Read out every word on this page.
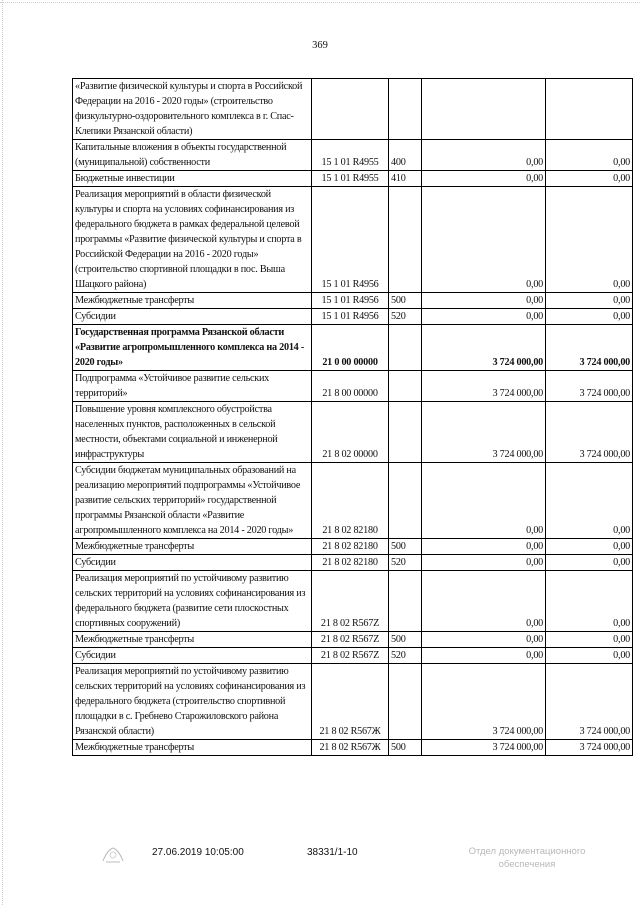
369
«Развитие физической культуры и спорта в Российской Федерации на 2016 - 2020 годы» (строительство физкультурно-оздоровительного комплекса в г. Спас-Клепики Рязанской области)				
Капитальные вложения в объекты государственной (муниципальной) собственности	15 1 01 R4955	400	0,00	0,00
Бюджетные инвестиции	15 1 01 R4955	410	0,00	0,00
Реализация мероприятий в области физической культуры и спорта на условиях софинансирования из федерального бюджета в рамках федеральной целевой программы «Развитие физической культуры и спорта в Российской Федерации на 2016 - 2020 годы» (строительство спортивной площадки в пос. Выша Шацкого района)	15 1 01 R4956		0,00	0,00
Межбюджетные трансферты	15 1 01 R4956	500	0,00	0,00
Субсидии	15 1 01 R4956	520	0,00	0,00
Государственная программа Рязанской области «Развитие агропромышленного комплекса на 2014 - 2020 годы»	21 0 00 00000		3 724 000,00	3 724 000,00
Подпрограмма «Устойчивое развитие сельских территорий»	21 8 00 00000		3 724 000,00	3 724 000,00
Повышение уровня комплексного обустройства населенных пунктов, расположенных в сельской местности, объектами социальной и инженерной инфраструктуры	21 8 02 00000		3 724 000,00	3 724 000,00
Субсидии бюджетам муниципальных образований на реализацию мероприятий подпрограммы «Устойчивое развитие сельских территорий» государственной программы Рязанской области «Развитие агропромышленного комплекса на 2014 - 2020 годы»	21 8 02 82180		0,00	0,00
Межбюджетные трансферты	21 8 02 82180	500	0,00	0,00
Субсидии	21 8 02 82180	520	0,00	0,00
Реализация мероприятий по устойчивому развитию сельских территорий на условиях софинансирования из федерального бюджета (развитие сети плоскостных спортивных сооружений)	21 8 02 R567Z		0,00	0,00
Межбюджетные трансферты	21 8 02 R567Z	500	0,00	0,00
Субсидии	21 8 02 R567Z	520	0,00	0,00
Реализация мероприятий по устойчивому развитию сельских территорий на условиях софинансирования из федерального бюджета (строительство спортивной площадки в с. Гребнево Старожиловского района Рязанской области)	21 8 02 R567Ж		3 724 000,00	3 724 000,00
Межбюджетные трансферты	21 8 02 R567Ж	500	3 724 000,00	3 724 000,00
27.06.2019 10:05:00	38331/1-10	Отдел документационного
обеспечения
